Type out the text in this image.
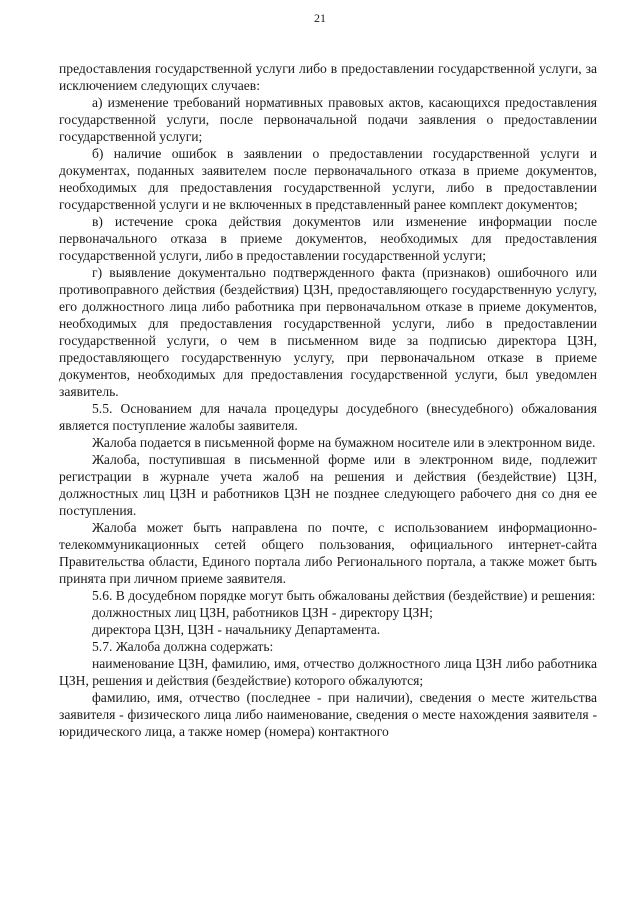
21

предоставления государственной услуги либо в предоставлении государственной услуги, за исключением следующих случаев:

а) изменение требований нормативных правовых актов, касающихся предоставления государственной услуги, после первоначальной подачи заявления о предоставлении государственной услуги;

б) наличие ошибок в заявлении о предоставлении государственной услуги и документах, поданных заявителем после первоначального отказа в приеме документов, необходимых для предоставления государственной услуги, либо в предоставлении государственной услуги и не включенных в представленный ранее комплект документов;

в) истечение срока действия документов или изменение информации после первоначального отказа в приеме документов, необходимых для предоставления государственной услуги, либо в предоставлении государственной услуги;

г) выявление документально подтвержденного факта (признаков) ошибочного или противоправного действия (бездействия) ЦЗН, предоставляющего государственную услугу, его должностного лица либо работника при первоначальном отказе в приеме документов, необходимых для предоставления государственной услуги, либо в предоставлении государственной услуги, о чем в письменном виде за подписью директора ЦЗН, предоставляющего государственную услугу, при первоначальном отказе в приеме документов, необходимых для предоставления государственной услуги, был уведомлен заявитель.

5.5. Основанием для начала процедуры досудебного (внесудебного) обжалования является поступление жалобы заявителя.

Жалоба подается в письменной форме на бумажном носителе или в электронном виде.

Жалоба, поступившая в письменной форме или в электронном виде, подлежит регистрации в журнале учета жалоб на решения и действия (бездействие) ЦЗН, должностных лиц ЦЗН и работников ЦЗН не позднее следующего рабочего дня со дня ее поступления.

Жалоба может быть направлена по почте, с использованием информационно-телекоммуникационных сетей общего пользования, официального интернет-сайта Правительства области, Единого портала либо Регионального портала, а также может быть принята при личном приеме заявителя.

5.6. В досудебном порядке могут быть обжалованы действия (бездействие) и решения:

должностных лиц ЦЗН, работников ЦЗН - директору ЦЗН;

директора ЦЗН, ЦЗН - начальнику Департамента.

5.7. Жалоба должна содержать:

наименование ЦЗН, фамилию, имя, отчество должностного лица ЦЗН либо работника ЦЗН, решения и действия (бездействие) которого обжалуются;

фамилию, имя, отчество (последнее - при наличии), сведения о месте жительства заявителя - физического лица либо наименование, сведения о месте нахождения заявителя - юридического лица, а также номер (номера) контактного
